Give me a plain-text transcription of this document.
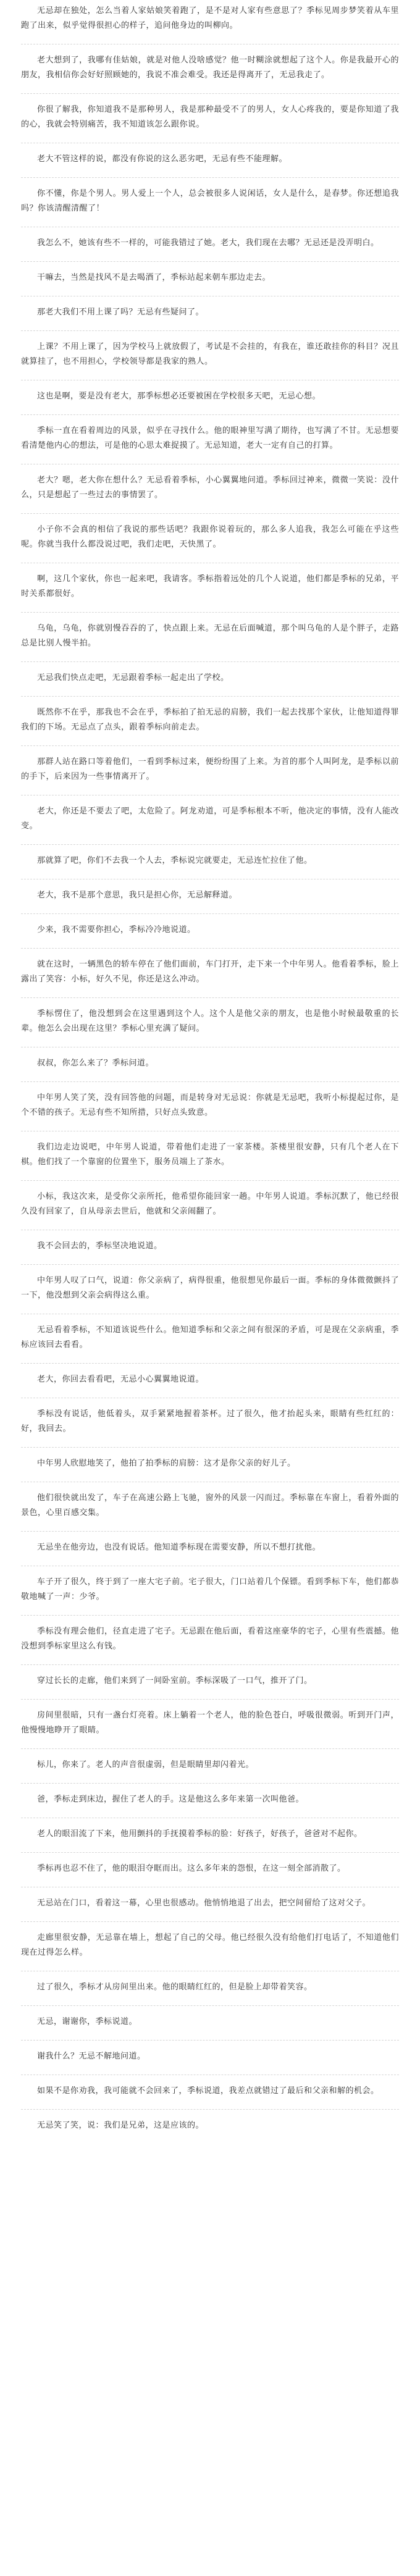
无忌却在独处，怎么当着人家姑娘笑着跑了，是不是对人家有些意思了？季标见周步梦笑着从车里跑了出来，似乎觉得很担心的样子，追问他身边的叫柳向。

老大想到了，我哪有佳姑娘，就是对他人没啥感觉？他一时糊涂就想起了这个人。你是我最开心的朋友，我相信你会好好照顾她的，我说不准会难受。我还是得离开了，无忌我走了。

你很了解我，你知道我不是那种男人，我是那种最受不了的男人，女人心疼我的，要是你知道了我的心，我就会特别痛苦，我不知道该怎么跟你说。

老大不管这样的说，都没有你说的这么恶劣吧，无忌有些不能理解。

你不懂，你是个男人。男人爱上一个人，总会被很多人说闲话，女人是什么，是春梦。你还想追我吗？你该清醒清醒了！

我怎么不，她该有些不一样的，可能我错过了她。老大，我们现在去哪？无忌还是没弄明白。

干嘛去，当然是找风不是去喝酒了，季标站起来朝车那边走去。

那老大我们不用上课了吗？无忌有些疑问了。

上课？不用上课了，因为学校马上就放假了，考试是不会挂的，有我在，谁还敢挂你的科目？况且就算挂了，也不用担心，学校领导都是我家的熟人。

这也是啊，要是没有老大，那季标想必还要被困在学校很多天吧，无忌心想。

季标一直在看着周边的风景，似乎在寻找什么。他的眼神里写满了期待，也写满了不甘。无忌想要看清楚他内心的想法，可是他的心思太难捉摸了。无忌知道，老大一定有自己的打算。

老大？嗯，老大你在想什么？无忌看着季标，小心翼翼地问道。季标回过神来，微微一笑说：没什么，只是想起了一些过去的事情罢了。

小子你不会真的相信了我说的那些话吧？我跟你说着玩的，那么多人追我，我怎么可能在乎这些呢。你就当我什么都没说过吧，我们走吧，天快黑了。

啊，这几个家伙，你也一起来吧，我请客。季标指着远处的几个人说道，他们都是季标的兄弟，平时关系都很好。

乌龟，乌龟，你就别慢吞吞的了，快点跟上来。无忌在后面喊道，那个叫乌龟的人是个胖子，走路总是比别人慢半拍。

无忌我们快点走吧，无忌跟着季标一起走出了学校。

既然你不在乎，那我也不会在乎，季标拍了拍无忌的肩膀，我们一起去找那个家伙，让他知道得罪我们的下场。无忌点了点头，跟着季标向前走去。

那群人站在路口等着他们，一看到季标过来，便纷纷围了上来。为首的那个人叫阿龙，是季标以前的手下，后来因为一些事情离开了。

老大，你还是不要去了吧，太危险了。阿龙劝道，可是季标根本不听，他决定的事情，没有人能改变。

那就算了吧，你们不去我一个人去，季标说完就要走，无忌连忙拉住了他。

老大，我不是那个意思，我只是担心你，无忌解释道。

少来，我不需要你担心，季标冷冷地说道。

就在这时，一辆黑色的轿车停在了他们面前，车门打开，走下来一个中年男人。他看着季标，脸上露出了笑容：小标，好久不见，你还是这么冲动。

季标愣住了，他没想到会在这里遇到这个人。这个人是他父亲的朋友，也是他小时候最敬重的长辈。他怎么会出现在这里？季标心里充满了疑问。

叔叔，你怎么来了？季标问道。

中年男人笑了笑，没有回答他的问题，而是转身对无忌说：你就是无忌吧，我听小标提起过你，是个不错的孩子。无忌有些不知所措，只好点头致意。

我们边走边说吧，中年男人说道，带着他们走进了一家茶楼。茶楼里很安静，只有几个老人在下棋。他们找了一个靠窗的位置坐下，服务员端上了茶水。

小标，我这次来，是受你父亲所托，他希望你能回家一趟。中年男人说道。季标沉默了，他已经很久没有回家了，自从母亲去世后，他就和父亲闹翻了。

我不会回去的，季标坚决地说道。

中年男人叹了口气，说道：你父亲病了，病得很重，他很想见你最后一面。季标的身体微微颤抖了一下，他没想到父亲会病得这么重。

无忌看着季标，不知道该说些什么。他知道季标和父亲之间有很深的矛盾，可是现在父亲病重，季标应该回去看看。

老大，你回去看看吧，无忌小心翼翼地说道。

季标没有说话，他低着头，双手紧紧地握着茶杯。过了很久，他才抬起头来，眼睛有些红红的：好，我回去。

中年男人欣慰地笑了，他拍了拍季标的肩膀：这才是你父亲的好儿子。

他们很快就出发了，车子在高速公路上飞驰，窗外的风景一闪而过。季标靠在车窗上，看着外面的景色，心里百感交集。

无忌坐在他旁边，也没有说话。他知道季标现在需要安静，所以不想打扰他。

车子开了很久，终于到了一座大宅子前。宅子很大，门口站着几个保镖。看到季标下车，他们都恭敬地喊了一声：少爷。

季标没有理会他们，径直走进了宅子。无忌跟在他后面，看着这座豪华的宅子，心里有些震撼。他没想到季标家里这么有钱。

穿过长长的走廊，他们来到了一间卧室前。季标深吸了一口气，推开了门。

房间里很暗，只有一盏台灯亮着。床上躺着一个老人，他的脸色苍白，呼吸很微弱。听到开门声，他慢慢地睁开了眼睛。

标儿，你来了。老人的声音很虚弱，但是眼睛里却闪着光。

爸，季标走到床边，握住了老人的手。这是他这么多年来第一次叫他爸。

老人的眼泪流了下来，他用颤抖的手抚摸着季标的脸：好孩子，好孩子，爸爸对不起你。

季标再也忍不住了，他的眼泪夺眶而出。这么多年来的怨恨，在这一刻全部消散了。

无忌站在门口，看着这一幕，心里也很感动。他悄悄地退了出去，把空间留给了这对父子。

走廊里很安静，无忌靠在墙上，想起了自己的父母。他已经很久没有给他们打电话了，不知道他们现在过得怎么样。

过了很久，季标才从房间里出来。他的眼睛红红的，但是脸上却带着笑容。

无忌，谢谢你，季标说道。

谢我什么？无忌不解地问道。

如果不是你劝我，我可能就不会回来了，季标说道，我差点就错过了最后和父亲和解的机会。

无忌笑了笑，说：我们是兄弟，这是应该的。
